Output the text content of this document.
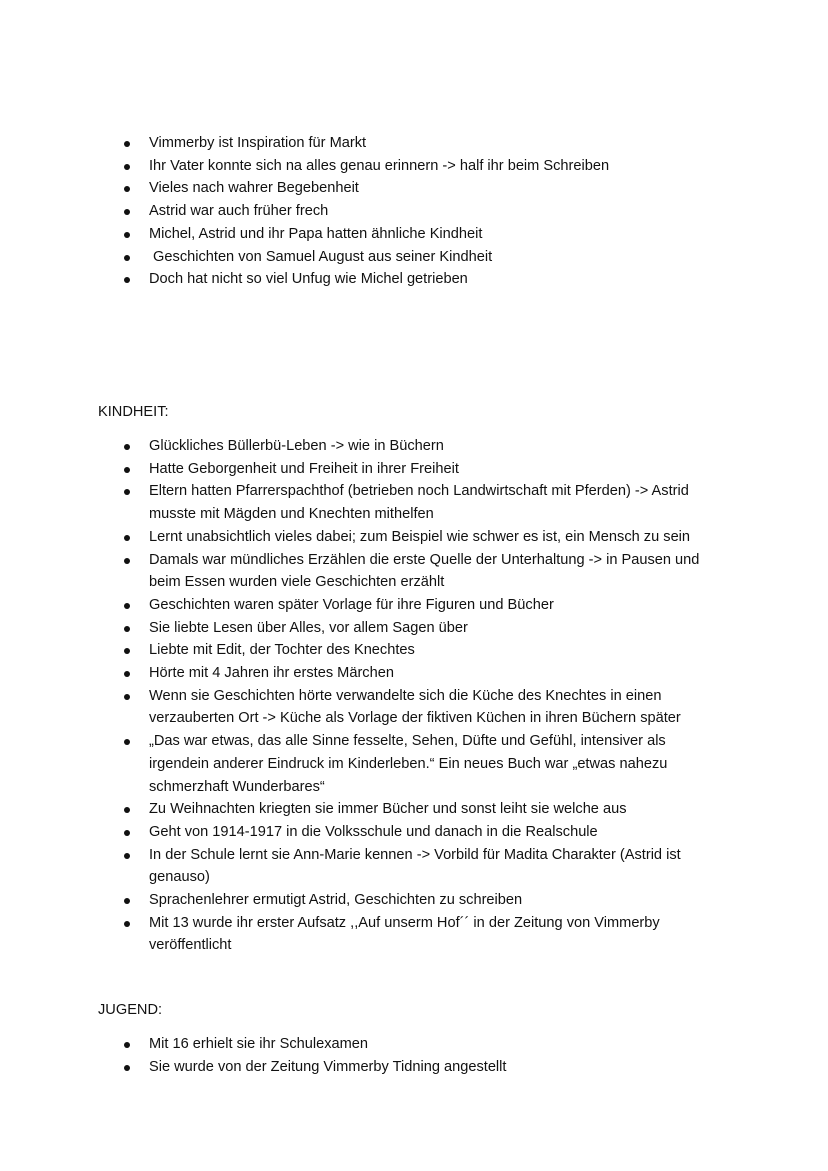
Vimmerby ist Inspiration für Markt
Ihr Vater konnte sich na alles genau erinnern -> half ihr beim Schreiben
Vieles nach wahrer Begebenheit
Astrid war auch früher frech
Michel, Astrid und ihr Papa hatten ähnliche Kindheit
Geschichten von Samuel August aus seiner Kindheit
Doch hat nicht so viel Unfug wie Michel getrieben
KINDHEIT:
Glückliches Büllerbü-Leben -> wie in Büchern
Hatte Geborgenheit und Freiheit in ihrer Freiheit
Eltern hatten Pfarrerspachthof (betrieben noch Landwirtschaft mit Pferden) -> Astrid musste mit Mägden und Knechten mithelfen
Lernt unabsichtlich vieles dabei; zum Beispiel wie schwer es ist, ein Mensch zu sein
Damals war mündliches Erzählen die erste Quelle der Unterhaltung -> in Pausen und beim Essen wurden viele Geschichten erzählt
Geschichten waren später Vorlage für ihre Figuren und Bücher
Sie liebte Lesen über Alles, vor allem Sagen über
Liebte mit Edit, der Tochter des Knechtes
Hörte mit 4 Jahren ihr erstes Märchen
Wenn sie Geschichten hörte verwandelte sich die Küche des Knechtes in einen verzauberten Ort -> Küche als Vorlage der fiktiven Küchen in ihren Büchern später
„Das war etwas, das alle Sinne fesselte, Sehen, Düfte und Gefühl, intensiver als irgendein anderer Eindruck im Kinderleben.“ Ein neues Buch war „etwas nahezu schmerzhaft Wunderbares“
Zu Weihnachten kriegten sie immer Bücher und sonst leiht sie welche aus
Geht von 1914-1917 in die Volksschule und danach in die Realschule
In der Schule lernt sie Ann-Marie kennen -> Vorbild für Madita Charakter (Astrid ist genauso)
Sprachenlehrer ermutigt Astrid, Geschichten zu schreiben
Mit 13 wurde ihr erster Aufsatz ,,Auf unserm Hof´´ in der Zeitung von Vimmerby veröffentlicht
JUGEND:
Mit 16 erhielt sie ihr Schulexamen
Sie wurde von der Zeitung Vimmerby Tidning angestellt
